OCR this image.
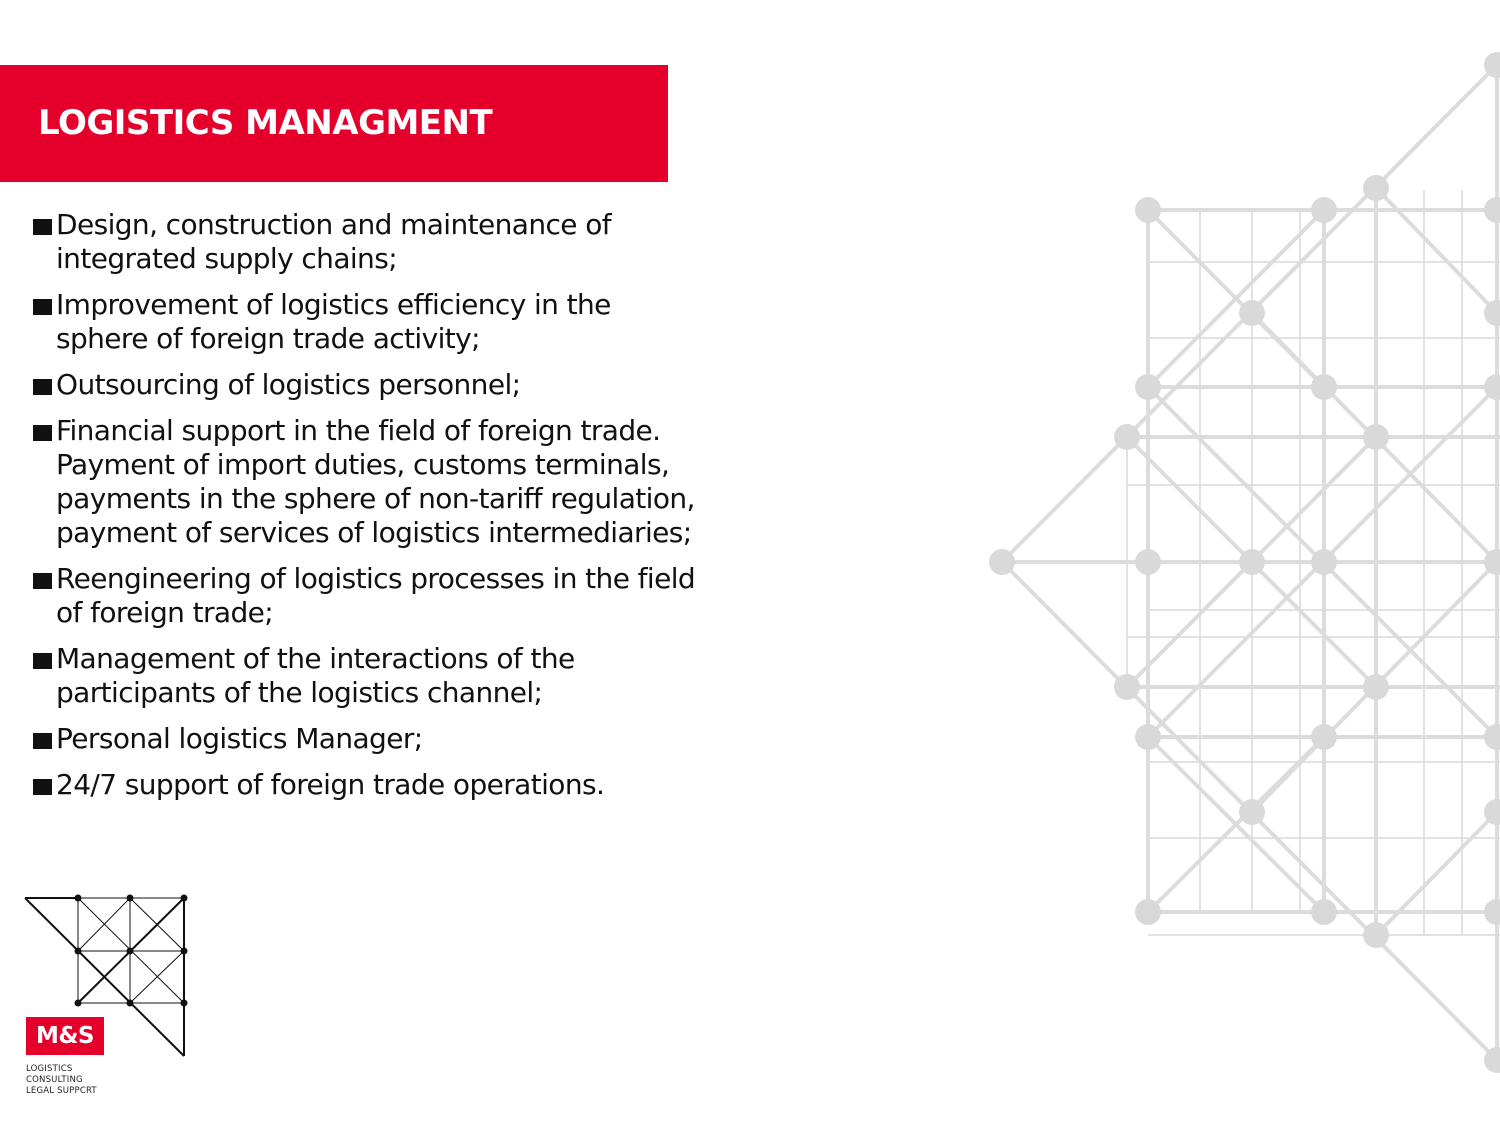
LOGISTICS MANAGMENT
Design, construction and maintenance of
integrated supply chains;
Improvement of logistics efficiency in the
sphere of foreign trade activity;
Outsourcing of logistics personnel;
Financial support in the field of foreign trade.
Payment of import duties, customs terminals,
payments in the sphere of non-tariff regulation,
payment of services of logistics intermediaries;
Reengineering of logistics processes in the field
of foreign trade;
Management of the interactions of the
participants of the logistics channel;
Personal logistics Manager;
24/7 support of foreign trade operations.
M&S
LOGISTICS
CONSULTING
LEGAL SUPPCRT
